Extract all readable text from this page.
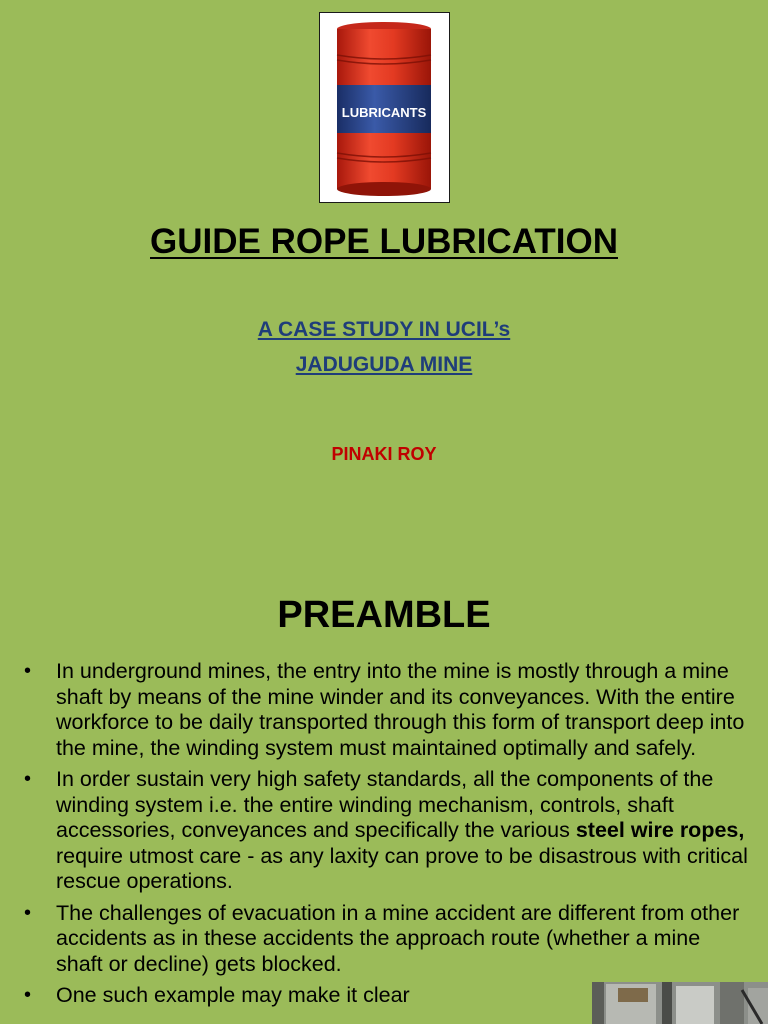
LUBRICANTS
GUIDE ROPE LUBRICATION
A CASE STUDY IN UCIL’s
JADUGUDA MINE
PINAKI ROY
PREAMBLE
• In underground mines, the entry into the mine is mostly through a mine shaft by means of the mine winder and its conveyances. With the entire workforce to be daily transported through this form of transport deep into the mine, the winding system must maintained optimally and safely.
• In order sustain very high safety standards, all the components of the winding system i.e. the entire winding mechanism, controls, shaft accessories, conveyances and specifically the various steel wire ropes, require utmost care - as any laxity can prove to be disastrous with critical rescue operations.
• The challenges of evacuation in a mine accident are different from other accidents as in these accidents the approach route (whether a mine shaft or decline) gets blocked.
• One such example may make it clear
